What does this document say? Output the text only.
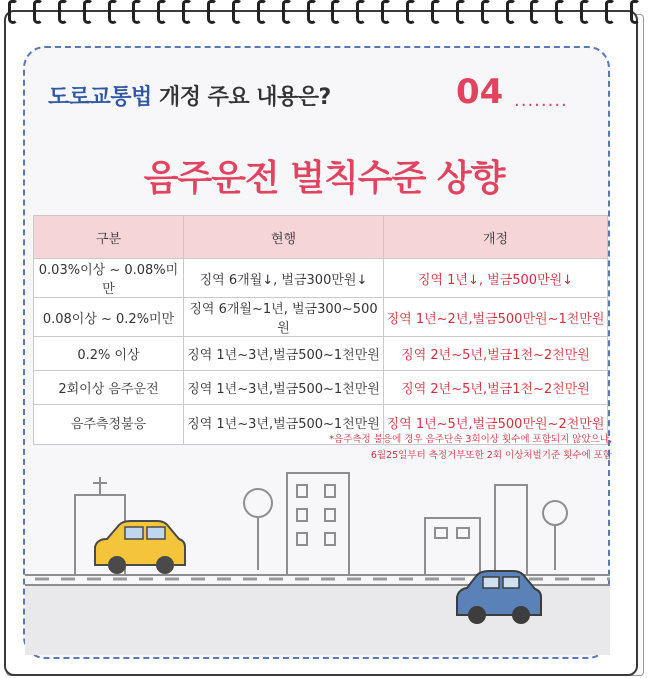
도로교통법 개정 주요 내용은?	04 ........
음주운전 벌칙수준 상향
구분	현행	개정
0.03%이상 ~ 0.08%미만	징역 6개월↓, 벌금300만원↓	징역 1년↓, 벌금500만원↓
0.08이상 ~ 0.2%미만	징역 6개월~1년, 벌금300~500원	징역 1년~2년,벌금500만원~1천만원
0.2% 이상	징역 1년~3년,벌금500~1천만원	징역 2년~5년,벌금1천~2천만원
2회이상 음주운전	징역 1년~3년,벌금500~1천만원	징역 2년~5년,벌금1천~2천만원
음주측정불응	징역 1년~3년,벌금500~1천만원	징역 1년~5년,벌금500만원~2천만원
*음주측정 불응에 경우 음주단속 3회이상 횟수에 포함되지 않았으나,
6월25일부터 측정거부또한 2회 이상처벌기준 횟수에 포함
